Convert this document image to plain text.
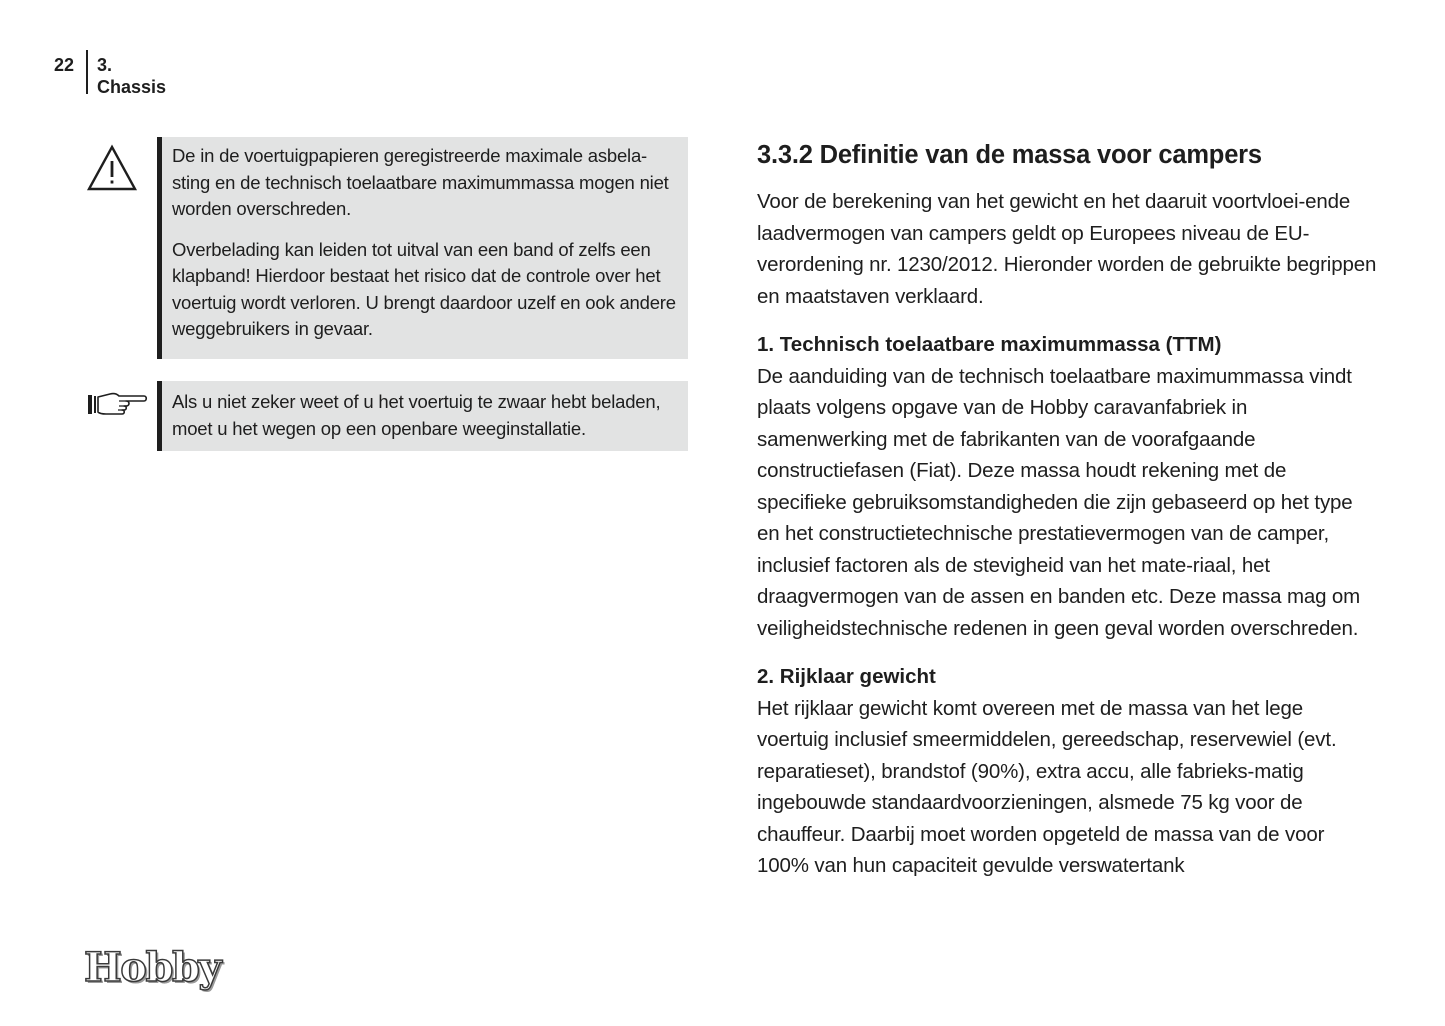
22 3. Chassis

De in de voertuigpapieren geregistreerde maximale asbela-sting en de technisch toelaatbare maximummassa mogen niet worden overschreden.

Overbelading kan leiden tot uitval van een band of zelfs een klapband! Hierdoor bestaat het risico dat de controle over het voertuig wordt verloren. U brengt daardoor uzelf en ook andere weggebruikers in gevaar.

Als u niet zeker weet of u het voertuig te zwaar hebt beladen, moet u het wegen op een openbare weeginstallatie.

3.3.2 Definitie van de massa voor campers

Voor de berekening van het gewicht en het daaruit voortvloei-ende laadvermogen van campers geldt op Europees niveau de EU-verordening nr. 1230/2012. Hieronder worden de gebruikte begrippen en maatstaven verklaard.

1. Technisch toelaatbare maximummassa (TTM)

De aanduiding van de technisch toelaatbare maximummassa vindt plaats volgens opgave van de Hobby caravanfabriek in samenwerking met de fabrikanten van de voorafgaande constructiefasen (Fiat). Deze massa houdt rekening met de specifieke gebruiksomstandigheden die zijn gebaseerd op het type en het constructietechnische prestatievermogen van de camper, inclusief factoren als de stevigheid van het mate-riaal, het draagvermogen van de assen en banden etc. Deze massa mag om veiligheidstechnische redenen in geen geval worden overschreden.

2. Rijklaar gewicht

Het rijklaar gewicht komt overeen met de massa van het lege voertuig inclusief smeermiddelen, gereedschap, reservewiel (evt. reparatieset), brandstof (90%), extra accu, alle fabrieks-matig ingebouwde standaardvoorzieningen, alsmede 75 kg voor de chauffeur. Daarbij moet worden opgeteld de massa van de voor 100% van hun capaciteit gevulde verswatertank

Hobby
